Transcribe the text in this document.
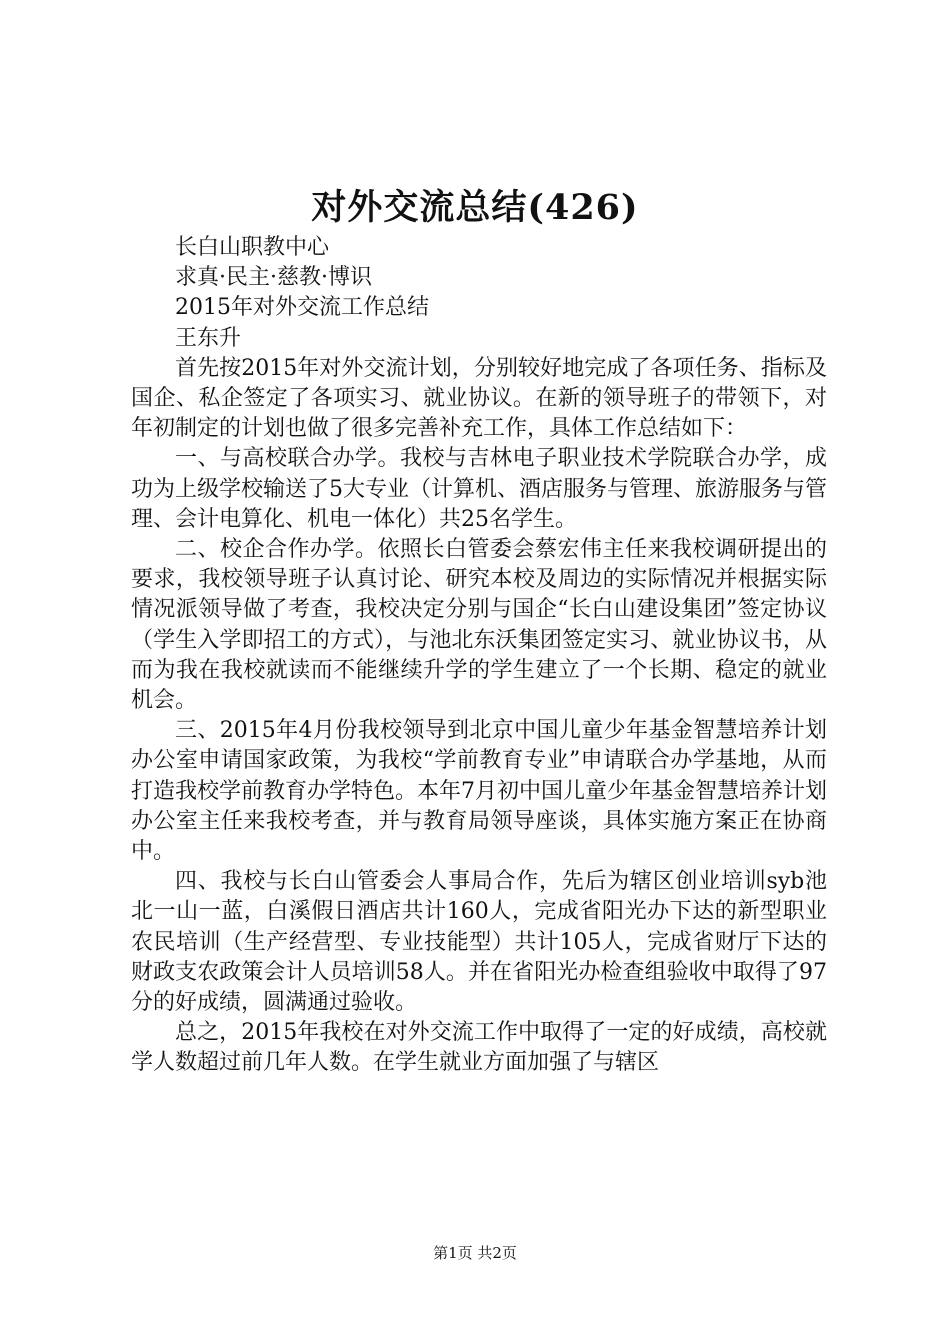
对外交流总结(426)

长白山职教中心

求真·民主·慈教·博识

2015年对外交流工作总结

王东升

首先按2015年对外交流计划，分别较好地完成了各项任务、指标及国企、私企签定了各项实习、就业协议。在新的领导班子的带领下，对年初制定的计划也做了很多完善补充工作，具体工作总结如下：

一、与高校联合办学。我校与吉林电子职业技术学院联合办学，成功为上级学校输送了5大专业（计算机、酒店服务与管理、旅游服务与管理、会计电算化、机电一体化）共25名学生。

二、校企合作办学。依照长白管委会蔡宏伟主任来我校调研提出的要求，我校领导班子认真讨论、研究本校及周边的实际情况并根据实际情况派领导做了考查，我校决定分别与国企“长白山建设集团”签定协议（学生入学即招工的方式），与池北东沃集团签定实习、就业协议书，从而为我在我校就读而不能继续升学的学生建立了一个长期、稳定的就业机会。

三、2015年4月份我校领导到北京中国儿童少年基金智慧培养计划办公室申请国家政策，为我校“学前教育专业”申请联合办学基地，从而打造我校学前教育办学特色。本年7月初中国儿童少年基金智慧培养计划办公室主任来我校考查，并与教育局领导座谈，具体实施方案正在协商中。

四、我校与长白山管委会人事局合作，先后为辖区创业培训syb池北一山一蓝，白溪假日酒店共计160人，完成省阳光办下达的新型职业农民培训（生产经营型、专业技能型）共计105人，完成省财厅下达的财政支农政策会计人员培训58人。并在省阳光办检查组验收中取得了97分的好成绩，圆满通过验收。

总之，2015年我校在对外交流工作中取得了一定的好成绩，高校就学人数超过前几年人数。在学生就业方面加强了与辖区

第1页 共2页
